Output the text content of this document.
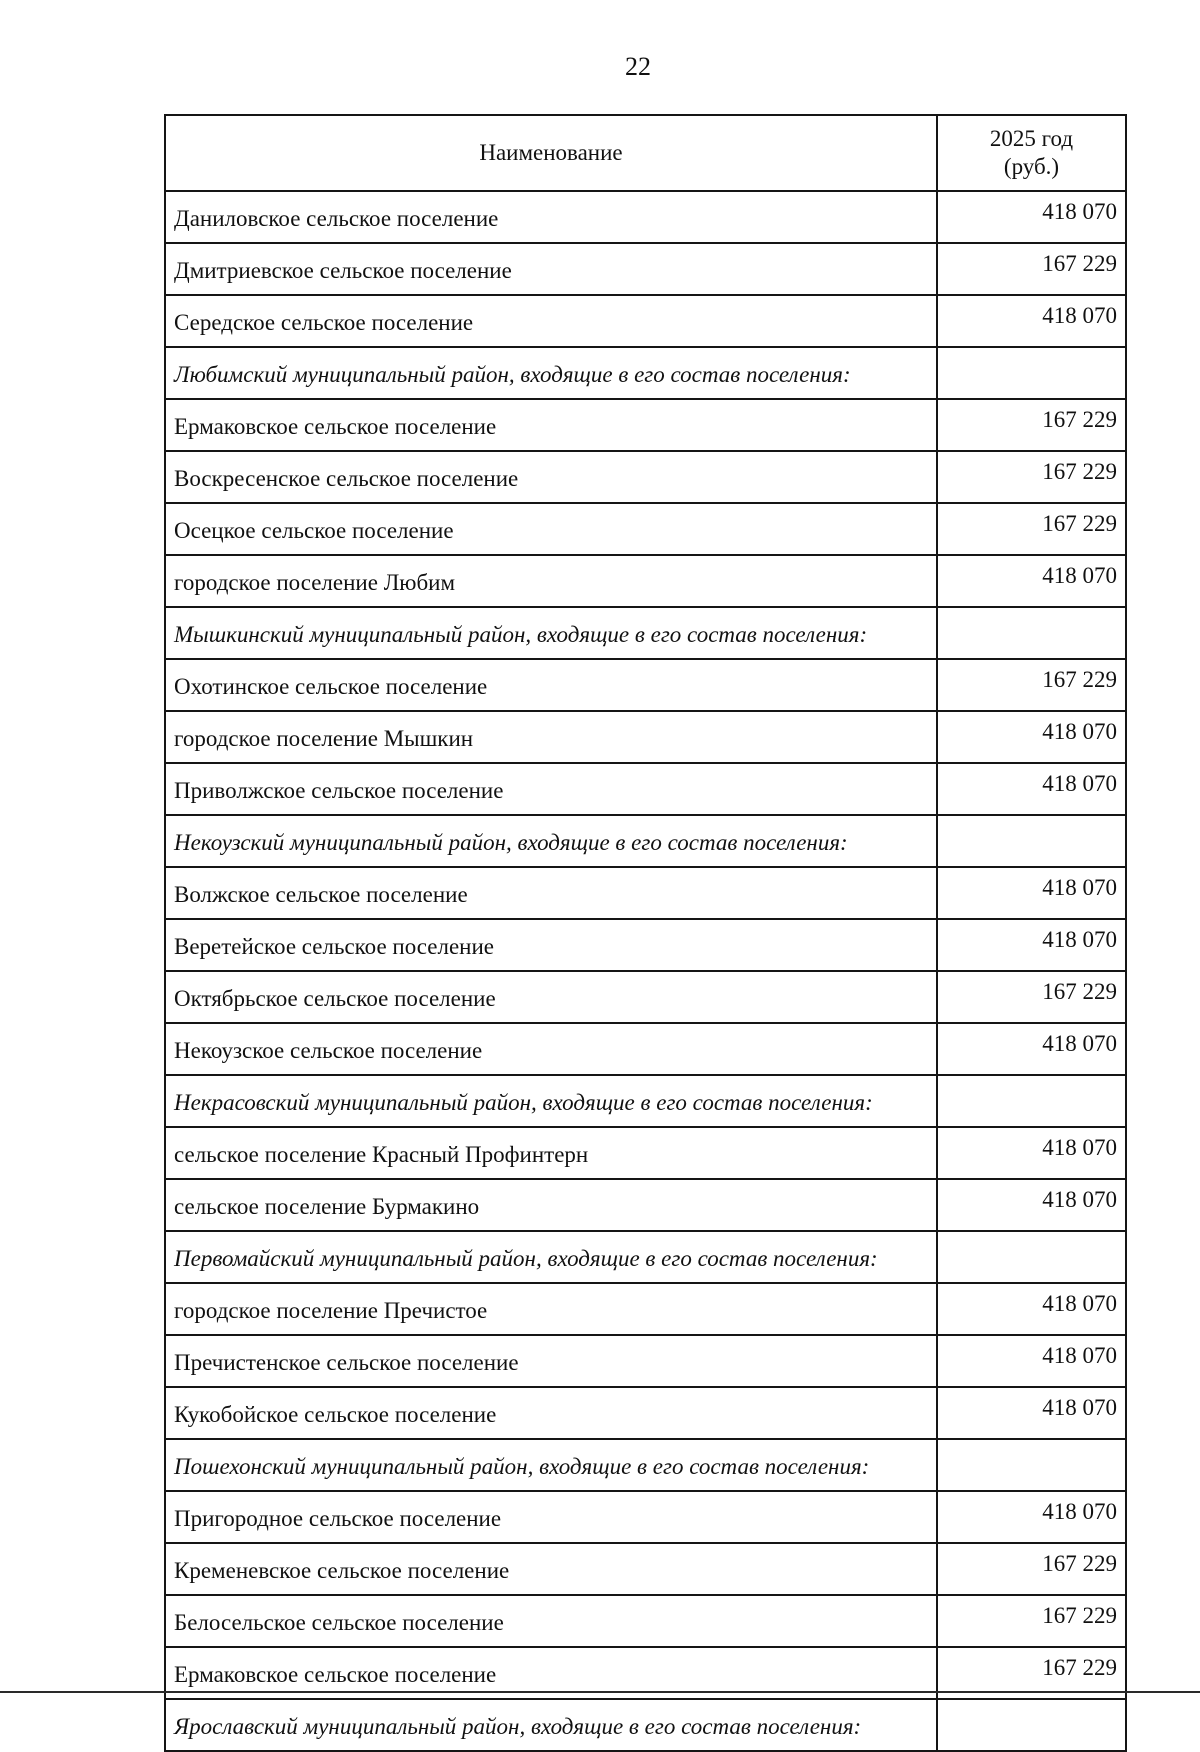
22
Наименование	2025 год
(руб.)

Даниловское сельское поселение	418 070
Дмитриевское сельское поселение	167 229
Середское сельское поселение	418 070
Любимский муниципальный район, входящие в его состав поселения:	
Ермаковское сельское поселение	167 229
Воскресенское сельское поселение	167 229
Осецкое сельское поселение	167 229
городское поселение Любим	418 070
Мышкинский муниципальный район, входящие в его состав поселения:	
Охотинское сельское поселение	167 229
городское поселение Мышкин	418 070
Приволжское сельское поселение	418 070
Некоузский муниципальный район, входящие в его состав поселения:	
Волжское сельское поселение	418 070
Веретейское сельское поселение	418 070
Октябрьское сельское поселение	167 229
Некоузское сельское поселение	418 070
Некрасовский муниципальный район, входящие в его состав поселения:	
сельское поселение Красный Профинтерн	418 070
сельское поселение Бурмакино	418 070
Первомайский муниципальный район, входящие в его состав поселения:	
городское поселение Пречистое	418 070
Пречистенское сельское поселение	418 070
Кукобойское сельское поселение	418 070
Пошехонский муниципальный район, входящие в его состав поселения:	
Пригородное сельское поселение	418 070
Кременевское сельское поселение	167 229
Белосельское сельское поселение	167 229
Ермаковское сельское поселение	167 229
Ярославский муниципальный район, входящие в его состав поселения:	
